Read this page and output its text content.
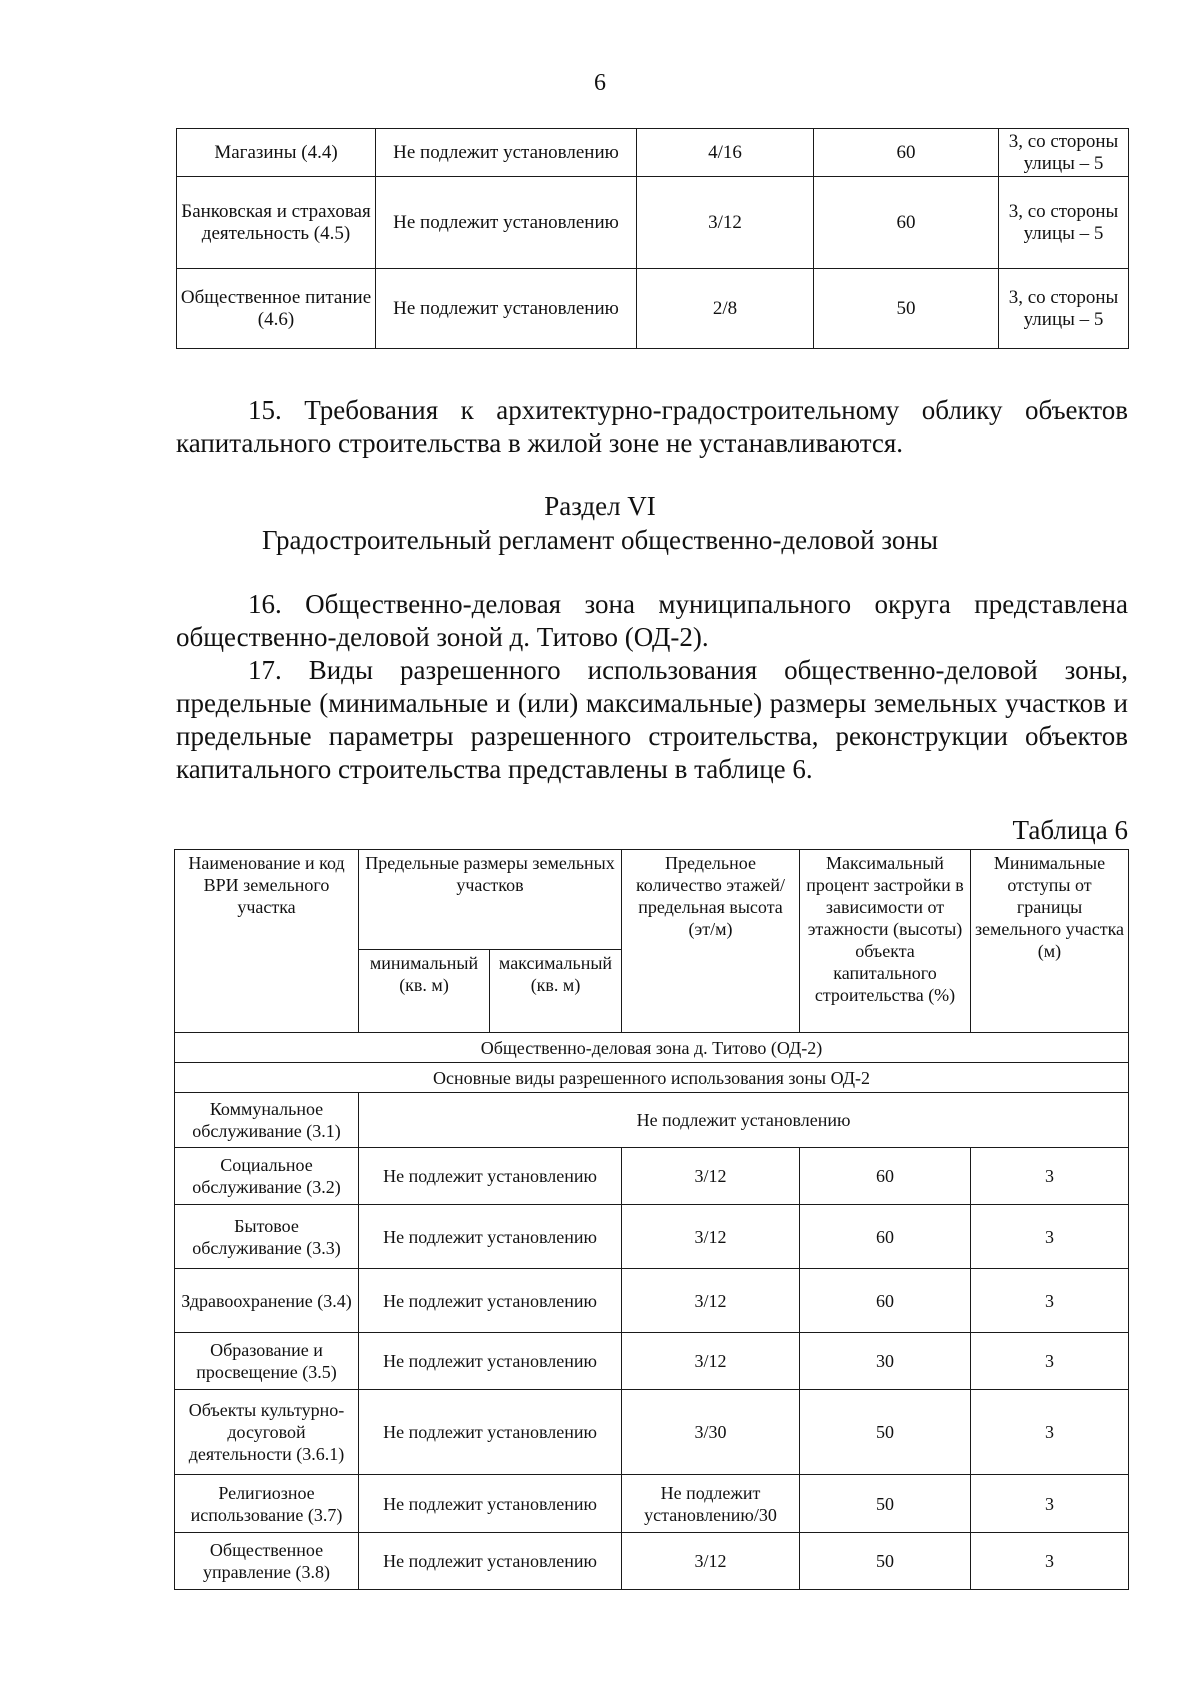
6
Магазины (4.4)	Не подлежит установлению	4/16	60	3, со стороны улицы – 5
Банковская и страховая деятельность (4.5)	Не подлежит установлению	3/12	60	3, со стороны улицы – 5
Общественное питание (4.6)	Не подлежит установлению	2/8	50	3, со стороны улицы – 5
15. Требования к архитектурно-градостроительному облику объектов капитального строительства в жилой зоне не устанавливаются.
Раздел VI
Градостроительный регламент общественно-деловой зоны
16. Общественно-деловая зона муниципального округа представлена общественно-деловой зоной д. Титово (ОД-2).
17. Виды разрешенного использования общественно-деловой зоны, предельные (минимальные и (или) максимальные) размеры земельных участков и предельные параметры разрешенного строительства, реконструкции объектов капитального строительства представлены в таблице 6.
Таблица 6
Наименование и код ВРИ земельного участка	Предельные размеры земельных участков		Предельное количество этажей/ предельная высота (эт/м)	Максимальный процент застройки в зависимости от этажности (высоты) объекта капитального строительства (%)	Минимальные отступы от границы земельного участка (м)
	минимальный (кв. м)	максимальный (кв. м)			
Общественно-деловая зона д. Титово (ОД-2)					
Основные виды разрешенного использования зоны ОД-2					
Коммунальное обслуживание (3.1)	Не подлежит установлению				
Социальное обслуживание (3.2)	Не подлежит установлению		3/12	60	3
Бытовое обслуживание (3.3)	Не подлежит установлению		3/12	60	3
Здравоохранение (3.4)	Не подлежит установлению		3/12	60	3
Образование и просвещение (3.5)	Не подлежит установлению		3/12	30	3
Объекты культурно-досуговой деятельности (3.6.1)	Не подлежит установлению		3/30	50	3
Религиозное использование (3.7)	Не подлежит установлению		Не подлежит установлению/30	50	3
Общественное управление (3.8)	Не подлежит установлению		3/12	50	3
